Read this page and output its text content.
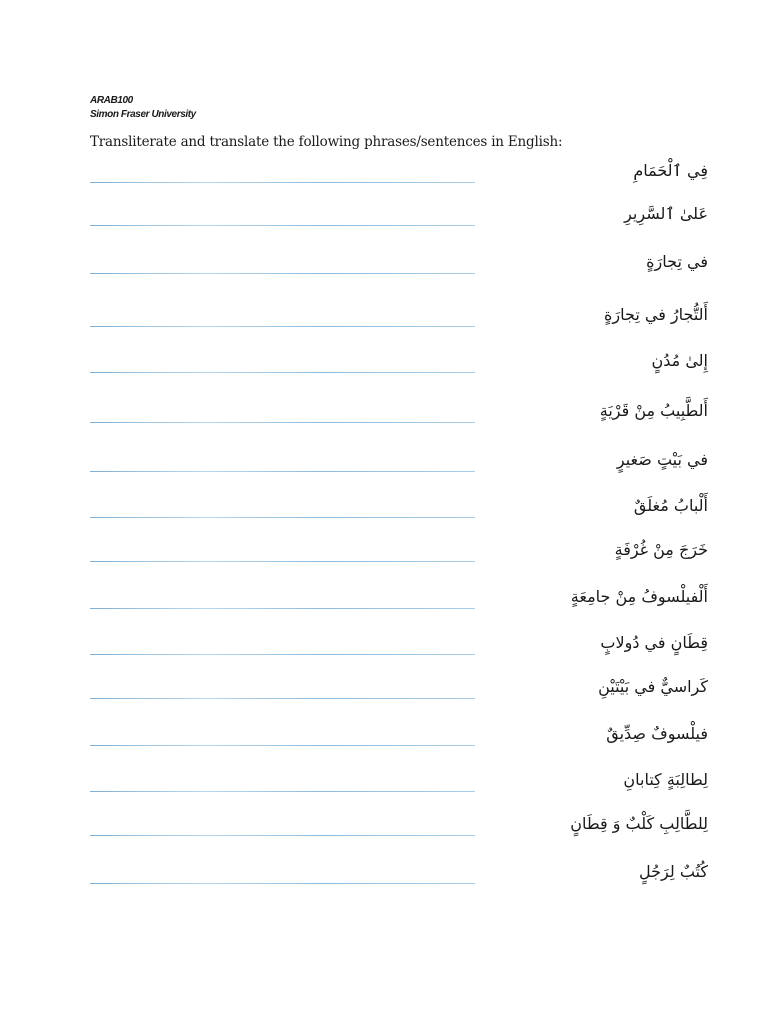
ARAB100
Simon Fraser University
Transliterate and translate the following phrases/sentences in English:
فِي ٱلْحَمَامِ
عَلىٰ ٱلسَّرِيرِ
في تِجارَةٍ
أَلتُّجارُ في تِجارَةٍ
إِلىٰ مُدُنٍ
أَلطَّبِيبُ مِنْ قَرْيَةٍ
في بَيْتٍ صَغيرٍ
أَلْبابُ مُغلَقٌ
خَرَجَ مِنْ غُرْفَةٍ
أَلْفيلْسوفُ مِنْ جامِعَةٍ
قِطَانٍ في دُولابٍ
كَراسيٌّ في بَيْتَيْنِ
فيلْسوفٌ صِدِّيقٌ
لِطالِبَةٍ كِتابانِ
لِلطَّالِبِ كَلْبٌ وَ قِطَانٍ
كُتُبٌ لِرَجُلٍ
